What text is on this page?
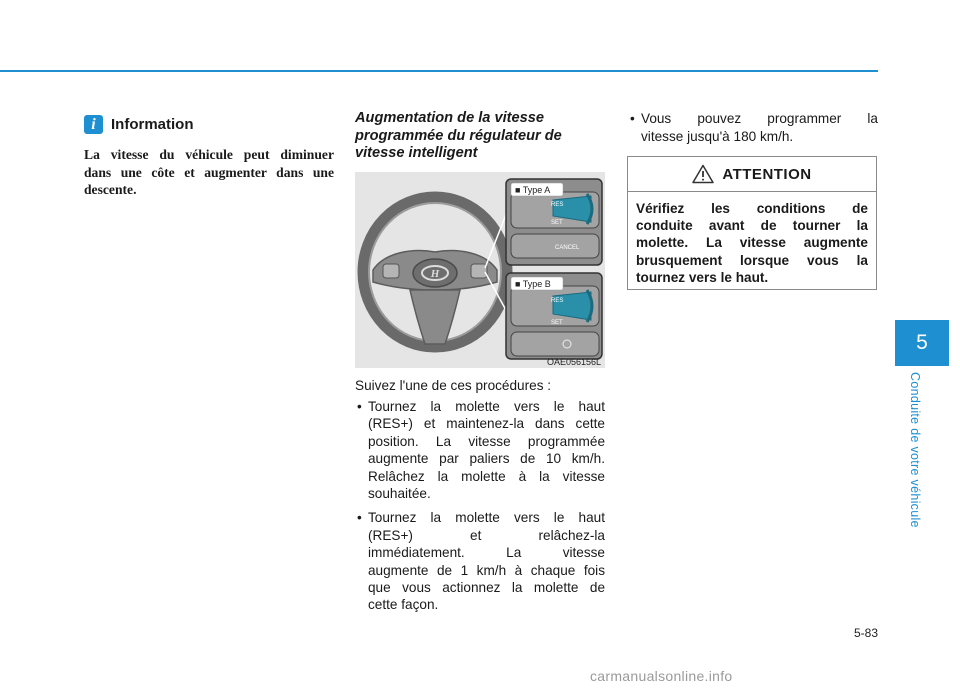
i	Information
La vitesse du véhicule peut diminuer
dans une côte et augmenter dans une
descente.
Augmentation de la vitesse
programmée du régulateur de
vitesse intelligent
H
■ Type A
RES
SET
CANCEL
■ Type B
RES
SET
OAE056156L
Suivez l'une de ces procédures :
• Tournez la molette vers le haut
(RES+) et maintenez-la dans cette
position. La vitesse programmée
augmente par paliers de 10 km/h.
Relâchez la molette à la vitesse
souhaitée.
• Tournez la molette vers le haut
(RES+) et relâchez-la
immédiatement. La vitesse
augmente de 1 km/h à chaque fois
que vous actionnez la molette de
cette façon.
• Vous pouvez programmer la
vitesse jusqu'à 180 km/h.
ATTENTION
Vérifiez les conditions de
conduite avant de tourner la
molette. La vitesse augmente
brusquement lorsque vous la
tournez vers le haut.
5
Conduite de votre véhicule
5-83
carmanualsonline.info
